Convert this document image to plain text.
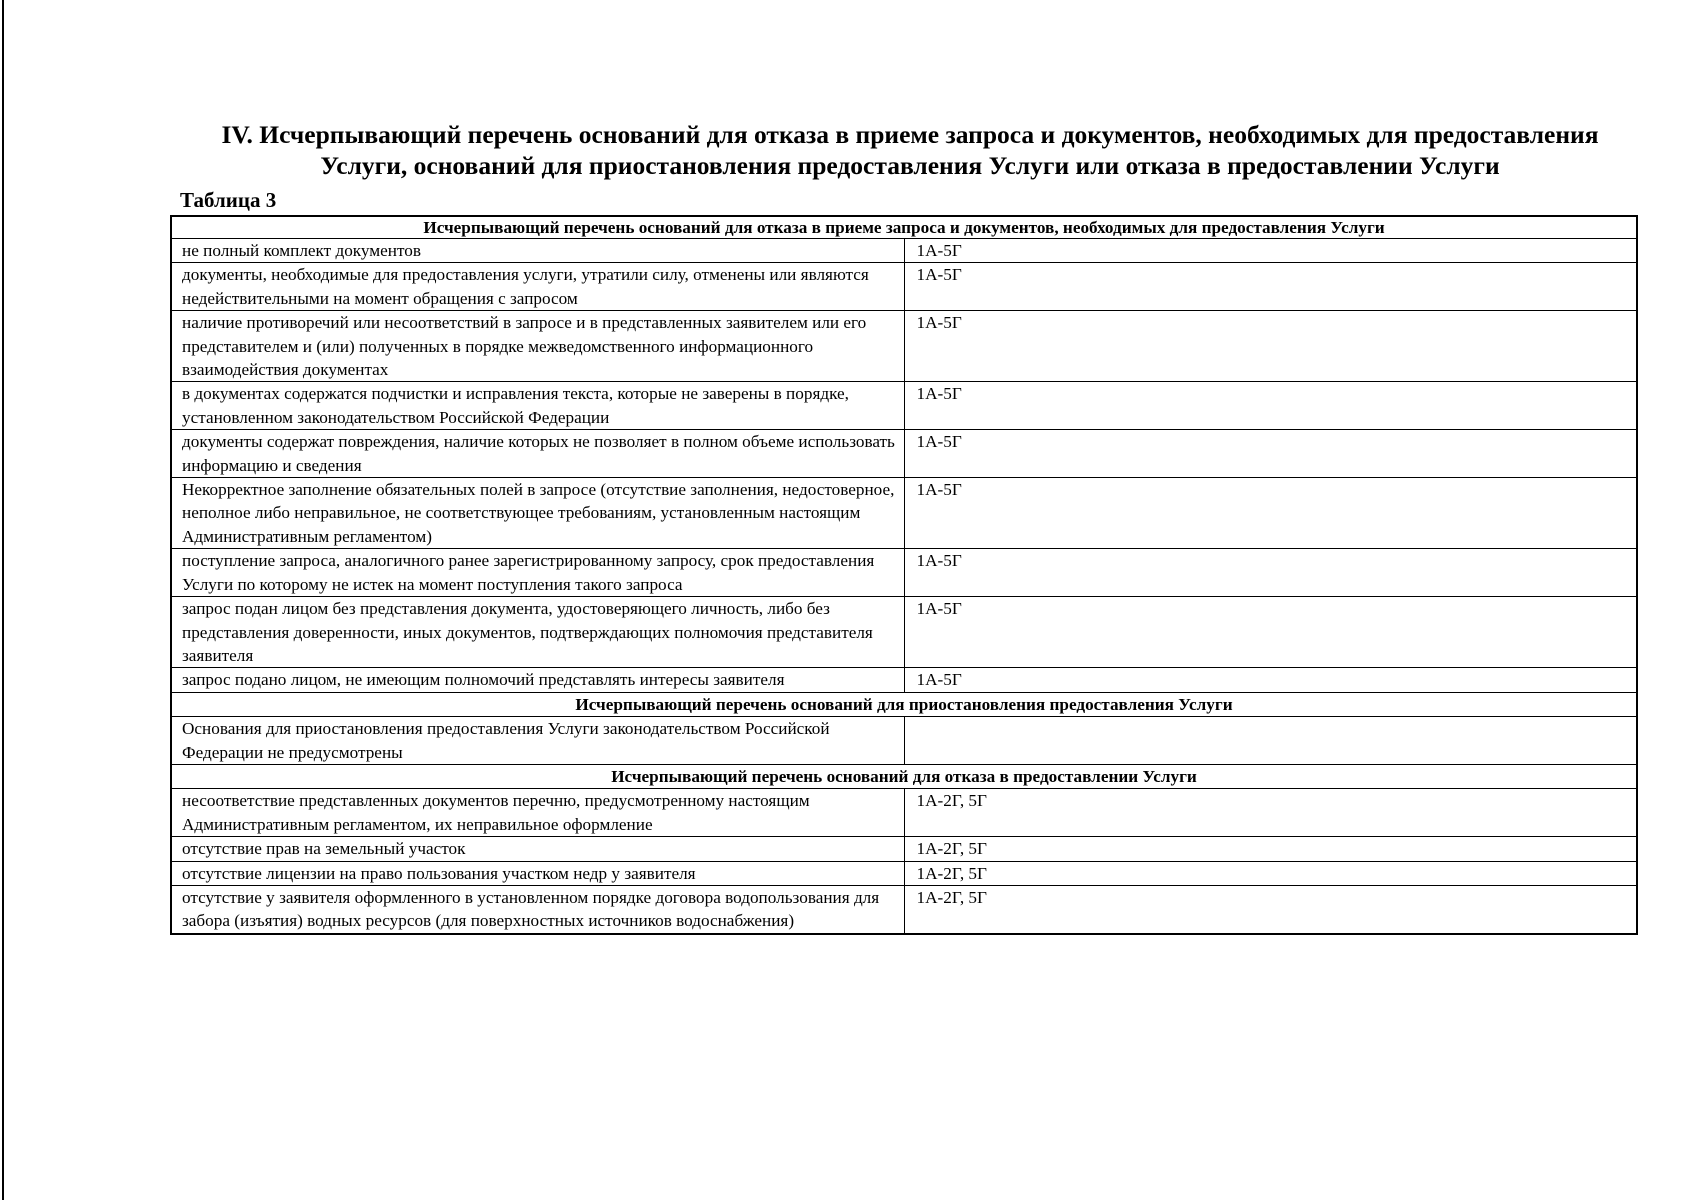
IV. Исчерпывающий перечень оснований для отказа в приеме запроса и документов, необходимых для предоставления
Услуги, оснований для приостановления предоставления Услуги или отказа в предоставлении Услуги
Таблица 3
Исчерпывающий перечень оснований для отказа в приеме запроса и документов, необходимых для предоставления Услуги	
не полный комплект документов	1А-5Г
документы, необходимые для предоставления услуги, утратили силу, отменены или являются недействительными на момент обращения с запросом	1А-5Г
наличие противоречий или несоответствий в запросе и в представленных заявителем или его представителем и (или) полученных в порядке межведомственного информационного взаимодействия документах	1А-5Г
в документах содержатся подчистки и исправления текста, которые не заверены в порядке, установленном законодательством Российской Федерации	1А-5Г
документы содержат повреждения, наличие которых не позволяет в полном объеме использовать информацию и сведения	1А-5Г
Некорректное заполнение обязательных полей в запросе (отсутствие заполнения, недостоверное, неполное либо неправильное, не соответствующее требованиям, установленным настоящим Административным регламентом)	1А-5Г
поступление запроса, аналогичного ранее зарегистрированному запросу, срок предоставления Услуги по которому не истек на момент поступления такого запроса	1А-5Г
запрос подан лицом без представления документа, удостоверяющего личность, либо без представления доверенности, иных документов, подтверждающих полномочия представителя заявителя	1А-5Г
запрос подано лицом, не имеющим полномочий представлять интересы заявителя	1А-5Г
Исчерпывающий перечень оснований для приостановления предоставления Услуги	
Основания для приостановления предоставления Услуги законодательством Российской Федерации не предусмотрены	
Исчерпывающий перечень оснований для отказа в предоставлении Услуги	
несоответствие представленных документов перечню, предусмотренному настоящим Административным регламентом, их неправильное оформление	1А-2Г, 5Г
отсутствие прав на земельный участок	1А-2Г, 5Г
отсутствие лицензии на право пользования участком недр у заявителя	1А-2Г, 5Г
отсутствие у заявителя оформленного в установленном порядке договора водопользования для забора (изъятия) водных ресурсов (для поверхностных источников водоснабжения)	1А-2Г, 5Г
